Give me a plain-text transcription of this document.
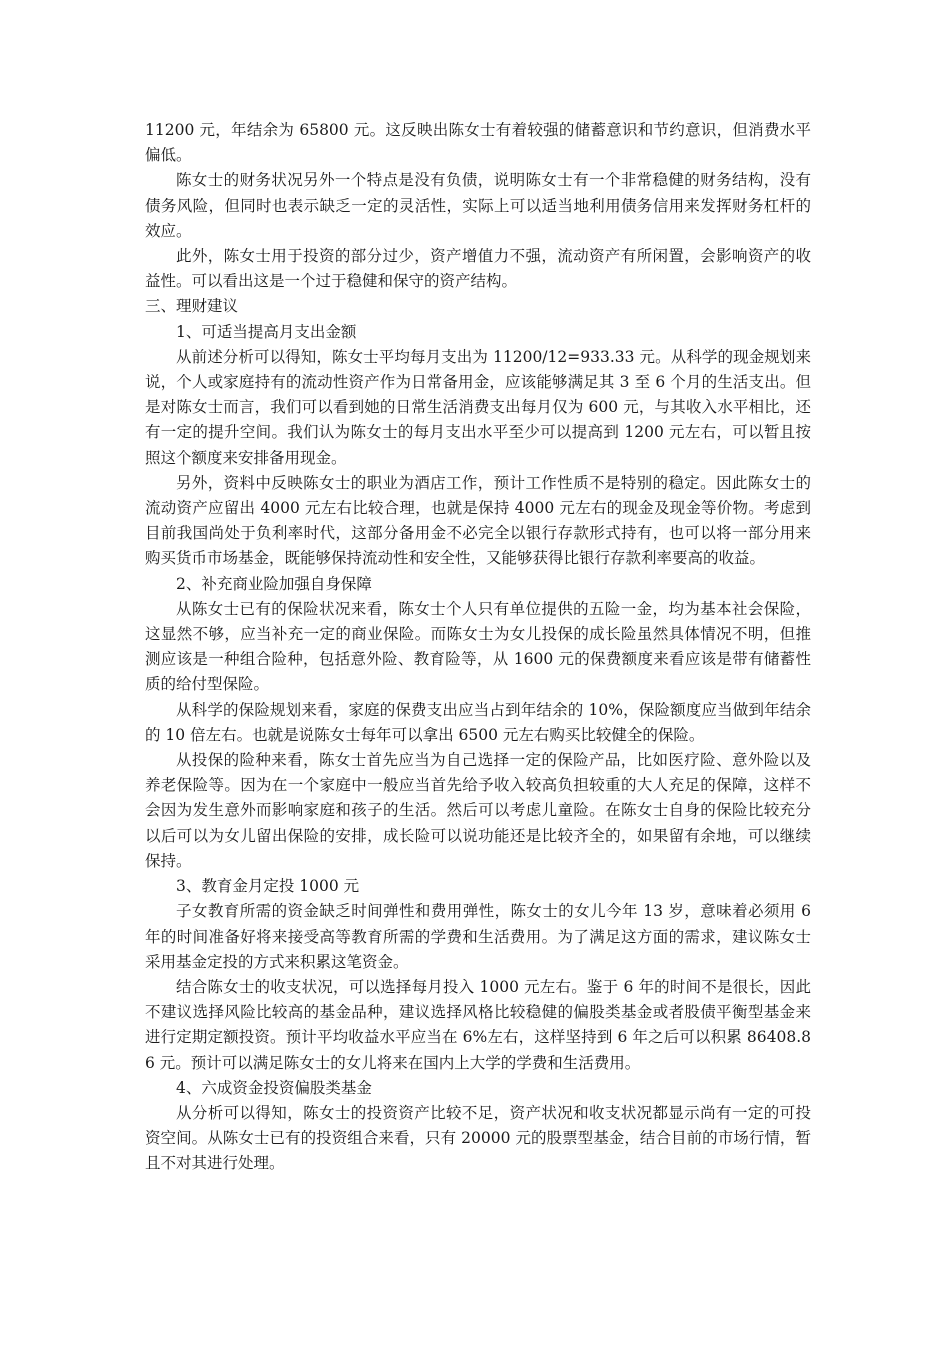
11200 元，年结余为 65800 元。这反映出陈女士有着较强的储蓄意识和节约意识，但消费水平偏低。

陈女士的财务状况另外一个特点是没有负债，说明陈女士有一个非常稳健的财务结构，没有债务风险，但同时也表示缺乏一定的灵活性，实际上可以适当地利用债务信用来发挥财务杠杆的效应。

此外，陈女士用于投资的部分过少，资产增值力不强，流动资产有所闲置，会影响资产的收益性。可以看出这是一个过于稳健和保守的资产结构。

三、理财建议

1、可适当提高月支出金额

从前述分析可以得知，陈女士平均每月支出为 11200/12=933.33 元。从科学的现金规划来说，个人或家庭持有的流动性资产作为日常备用金，应该能够满足其 3 至 6 个月的生活支出。但是对陈女士而言，我们可以看到她的日常生活消费支出每月仅为 600 元，与其收入水平相比，还有一定的提升空间。我们认为陈女士的每月支出水平至少可以提高到 1200 元左右，可以暂且按照这个额度来安排备用现金。

另外，资料中反映陈女士的职业为酒店工作，预计工作性质不是特别的稳定。因此陈女士的流动资产应留出 4000 元左右比较合理，也就是保持 4000 元左右的现金及现金等价物。考虑到目前我国尚处于负利率时代，这部分备用金不必完全以银行存款形式持有，也可以将一部分用来购买货币市场基金，既能够保持流动性和安全性，又能够获得比银行存款利率要高的收益。

2、补充商业险加强自身保障

从陈女士已有的保险状况来看，陈女士个人只有单位提供的五险一金，均为基本社会保险，这显然不够，应当补充一定的商业保险。而陈女士为女儿投保的成长险虽然具体情况不明，但推测应该是一种组合险种，包括意外险、教育险等，从 1600 元的保费额度来看应该是带有储蓄性质的给付型保险。

从科学的保险规划来看，家庭的保费支出应当占到年结余的 10%，保险额度应当做到年结余的 10 倍左右。也就是说陈女士每年可以拿出 6500 元左右购买比较健全的保险。

从投保的险种来看，陈女士首先应当为自己选择一定的保险产品，比如医疗险、意外险以及养老保险等。因为在一个家庭中一般应当首先给予收入较高负担较重的大人充足的保障，这样不会因为发生意外而影响家庭和孩子的生活。然后可以考虑儿童险。在陈女士自身的保险比较充分以后可以为女儿留出保险的安排，成长险可以说功能还是比较齐全的，如果留有余地，可以继续保持。

3、教育金月定投 1000 元

子女教育所需的资金缺乏时间弹性和费用弹性，陈女士的女儿今年 13 岁，意味着必须用 6 年的时间准备好将来接受高等教育所需的学费和生活费用。为了满足这方面的需求，建议陈女士采用基金定投的方式来积累这笔资金。

结合陈女士的收支状况，可以选择每月投入 1000 元左右。鉴于 6 年的时间不是很长，因此不建议选择风险比较高的基金品种，建议选择风格比较稳健的偏股类基金或者股债平衡型基金来进行定期定额投资。预计平均收益水平应当在 6%左右，这样坚持到 6 年之后可以积累 86408.86 元。预计可以满足陈女士的女儿将来在国内上大学的学费和生活费用。

4、六成资金投资偏股类基金

从分析可以得知，陈女士的投资资产比较不足，资产状况和收支状况都显示尚有一定的可投资空间。从陈女士已有的投资组合来看，只有 20000 元的股票型基金，结合目前的市场行情，暂且不对其进行处理。
